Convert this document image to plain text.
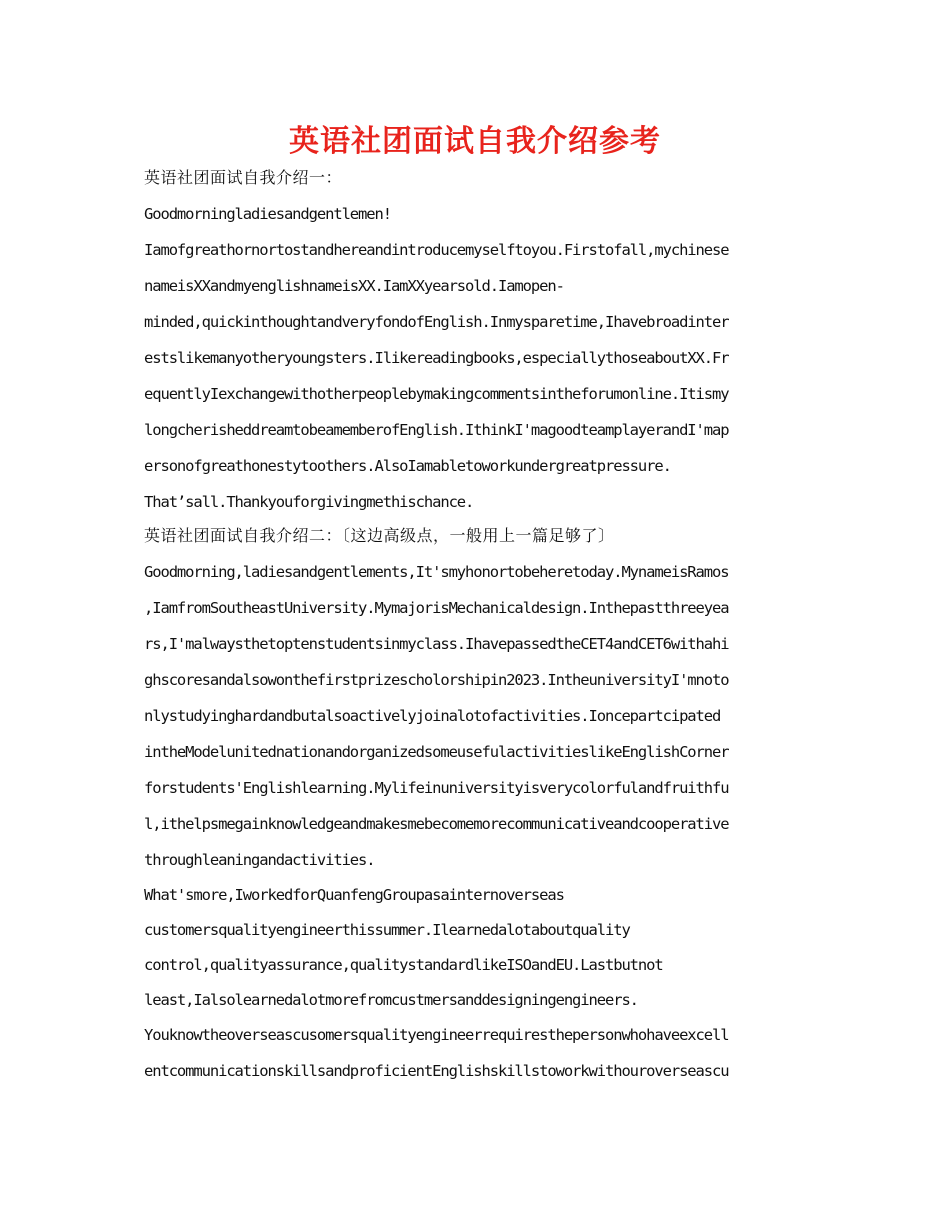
英语社团面试自我介绍参考
英语社团面试自我介绍一：
Goodmorningladiesandgentlemen!
Iamofgreathornortostandhereandintroducemyselftoyou.Firstofall,mychinese
nameisXXandmyenglishnameisXX.IamXXyearsold.Iamopen-
minded,quickinthoughtandveryfondofEnglish.Inmysparetime,Ihavebroadinter
estslikemanyotheryoungsters.Ilikereadingbooks,especiallythoseaboutXX.Fr
equentlyIexchangewithotherpeoplebymakingcommentsintheforumonline.Itismy
longcherisheddreamtobeamemberofEnglish.IthinkI'magoodteamplayerandI'map
ersonofgreathonestytoothers.AlsoIamabletoworkundergreatpressure.
That’sall.Thankyouforgivingmethischance.
英语社团面试自我介绍二：〔这边高级点，一般用上一篇足够了〕
Goodmorning,ladiesandgentlements,It'smyhonortobeheretoday.MynameisRamos
,IamfromSoutheastUniversity.MymajorisMechanicaldesign.Inthepastthreeyea
rs,I'malwaysthetoptenstudentsinmyclass.IhavepassedtheCET4andCET6withahi
ghscoresandalsowonthefirstprizescholorshipin2023.IntheuniversityI'mnoto
nlystudyinghardandbutalsoactivelyjoinalotofactivities.Ioncepartcipated
intheModelunitednationandorganizedsomeusefulactivitieslikeEnglishCorner
forstudents'Englishlearning.Mylifeinuniversityisverycolorfulandfruithfu
l,ithelpsmegainknowledgeandmakesmebecomemorecommunicativeandcooperative
throughleaningandactivities.
What'smore,IworkedforQuanfengGroupasainternoverseas
customersqualityengineerthissummer.Ilearnedalotaboutquality
control,qualityassurance,qualitystandardlikeISOandEU.Lastbutnot
least,Ialsolearnedalotmorefromcustmersanddesigningengineers.
Youknowtheoverseascusomersqualityengineerrequiresthepersonwhohaveexcell
entcommunicationskillsandproficientEnglishskillstoworkwithouroverseascu
